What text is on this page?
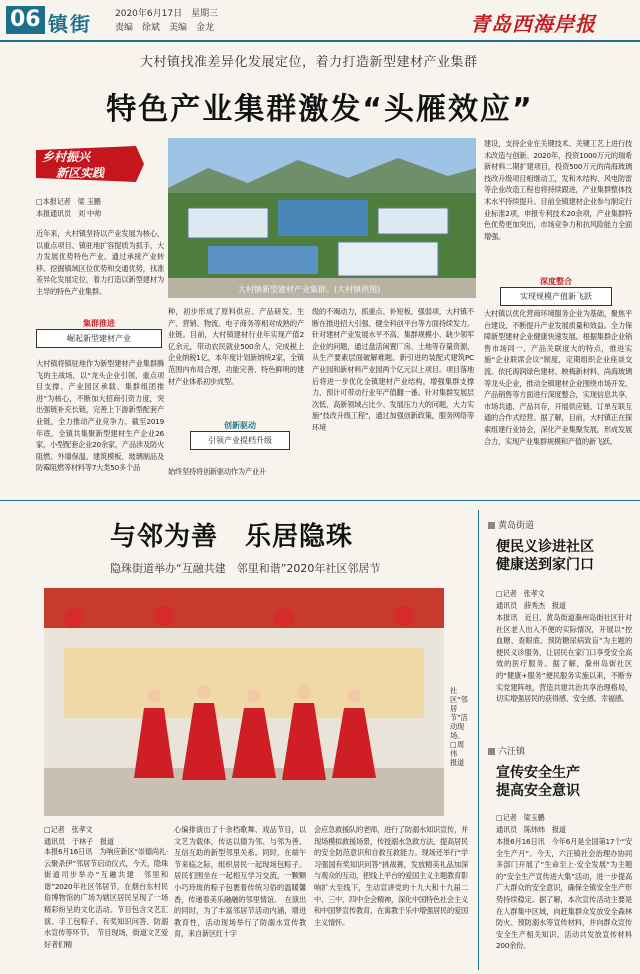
06 镇街	2020年6月17日　星期三
责编　徐斌　美编　金龙	青岛西海岸报
大村镇找准差异化发展定位，着力打造新型建材产业集群
特色产业集群激发“头雁效应”
乡村振兴
新区实践
□本报记者　梁 玉鹏
本报通讯员　刘 中帅
近年来，大村镇坚持以产业发展为核心，以重点项目、镇驻地扩容提质为抓手，大力发展优势特色产业。通过承接产业转移、挖掘镇域区位优势和交通优势，找准差异化发展定位，着力打造以新型建材为主导的特色产业集群。
集群推进
崛起新型建材产业
大村镇将镇驻地作为新型建材产业集群腾飞的主战场，以“龙头企业引领、重点项目支撑、产业园区承载、集群组团推进”为核心，不断加大招商引资力度，突出强链补充长链，完善上下游新型配套产业链，全力推动产业竞争力。截至2019年底，全镇共集聚新型建材生产企业26家，小型配套企业20余家，产品涉及防火阻燃、外墙保温、建筑模板、玻璃制品及防霉阻燃等材料等7大类50多个品
大村镇新型建材产业集群。(大村镇供图)
种，初步形成了原料供应、产品研发、生产、营销、物流、电子商务等相对成熟的产业链。目前，大村镇建材行业年实现产值2亿余元，带动农民就业500余人，完成税上企业纳税1亿，本年度计划新纳统2家，全镇范围内布局合理、功能完善、特色鲜明的建材产业体系初步成型。
创新驱动
引领产业提档升级
始终坚持将创新驱动作为产业升
级的不竭动力，抓重点、补短板、强弱项，大村镇不断在推进招大引强、健全科创平台等方面持续发力。针对建材产业发展水平不高、集群规模小、缺少领军企业的问题，通过盘活闲置厂房、土地等存量资源，从生产要素层面破解难题。新引进的装配式建筑PC产业园和新材料产业园两个亿元以上项目。项目落地后将进一步优化全镇建材产业结构，增强集群支撑力，预计可带动行业年产值翻一番。针对集群发展层次低、高新领域占比少、发展压力大的问题，大力实施“技改升级工程”，通过加强创新政策，服务网络等环境
建设，支持企业在关键技术、关键工艺上进行技术改造与创新。2020年，投资1000万元的瑞希新材料二期扩建项目，投资500万元的尚海玻璃技改升级项目相继动工，发和木结构、风电防雷等企业改造工程也将持续跟进，产业集群整体技术水平持续提升。目前全镇建材企业参与制定行业标准2项，申报专利技术20余项，产业集群特色优势更加突出，市场竞争力和抗风险能力全面增强。
深度整合
实现规模产值新飞跃
大村镇以优化营商环境服务企业为基础，聚焦平台建设，不断提升产业发展质量和效益。全力保障新型建材企业健康快速发展。根据集群企业销售市场同一、产品关联度大的特点，推进实施“企业联席会议”制度，定期组织企业座谈交流。依托海润绿色建材、映梅新材料、尚海玻璃等龙头企业，推动全镇建材企业围绕市场开发、产品销售等方面进行深度整合，实现信息共享、市场共通、产品共存，开展供应链、订单互联互通的合作式经营。据了解，目前，大村镇正在探索组建行业协会，深化产业集聚发展，形成发展合力，实现产业集群规模和产值的新飞跃。
与邻为善　乐居隐珠
隐珠街道举办“互融共建　邻里和谐”2020年社区邻居节
社区“邻居节”活动现场。□周伟　报道
□记者　张孝文
通讯员　于林子　报道
本报6月16日讯　为响应新区“崇德尚礼·云聚杀伊”邻居节启动仪式，今天，隐珠街道司步举办“互融共建　邻里和谐”2020年社区邻居节，在烟台东村民俗博物馆的广场为辖区居民呈现了一场精彩纷呈的文化活动。节目包含文艺汇演、手工包粽子、有奖知识问答、防溺水宣传等环节。　节目现场，街道文艺爱好者们精
心编排演出了十余档歌舞、戏品节目，以文艺为载体，传达以德为邻、与邻为善、互信互助的新型邻里关系。同时，在端午节来临之际，组织居民一起现场包粽子。居民们围坐在一起相互学习交流，一颗颗小巧玲珑的粽子包裹着传统习俗的温暖馨香，传递着美乐融融的邻里情谊。　在演出的同时，为了丰富邻居节活动内涵，增进教育性，活动现场举行了防溺水宣传教育，来自新区红十字
会应急救援队的老师，进行了防溺水知识宣传，并现场模拟救援场景，传授溺水急救方法，提高居民的安全防范意识和自救互救能力。现场还举行“学习强国有奖知识问答”挑战赛，发放精美礼品加深与观众的互动，把线上平台的爱国主义主题教育影响扩大至线下，生动宣讲党的十九大和十九届二中、三中、四中全会精神，深化中国特色社会主义和中国梦宣传教育，在寓教于乐中增强居民的爱国主义情怀。
黄岛街道
便民义诊进社区
健康送到家门口
□记者　张孝文
通讯员　薛秀杰　报道
本报讯　近日，黄岛街道滁州岛街社区针对社区老人出入不便的实际情况，开展以“控血糖、查眼底、预防糖尿病致盲”为主题的便民义诊服务，让居民在家门口享受安全高效的医疗服务。据了解，滁州岛街社区的“健康+服务”便民服务实施以来，不断夯实党建阵地，营造共建共治共享治理格局，切实增强居民的获得感、安全感、幸福感。
六汪镇
宣传安全生产
提高安全意识
□记者　梁玉鹏
通讯员　陈炜炜　报道
本报6月16日讯　今年6月是全国第17个“安全生产月”。今天，六汪镇社会治理办协同多部门开展了“生命至上·安全发展”为主题的“安全生产宣传进大集”活动，进一步提高广大群众的安全意识，确保全镇安全生产形势持续稳定。据了解，本次宣传活动主要是在人群集中区域，向赶集群众发放安全森林防火、预防溺水等宣传材料，并向群众宣传安全生产相关知识。活动共发放宣传材料200余份。
